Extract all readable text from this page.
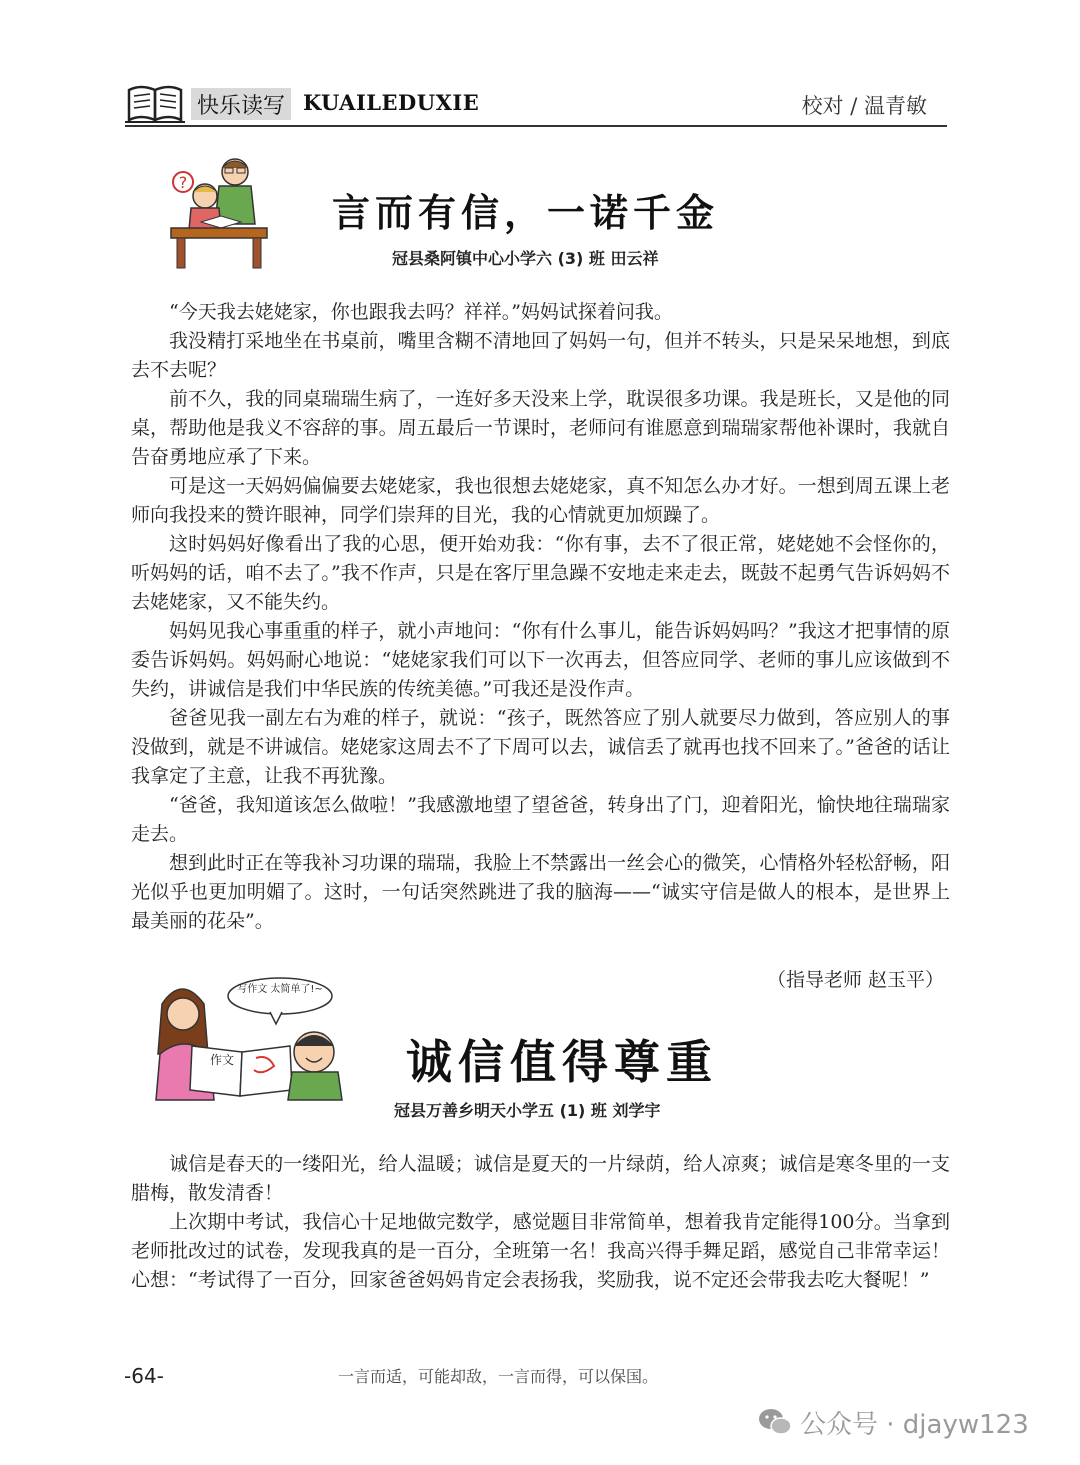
快乐读写 KUAILEDUXIE	校对 / 温青敏
?
言而有信，一诺千金
冠县桑阿镇中心小学六 (3) 班 田云祥

“今天我去姥姥家，你也跟我去吗？祥祥。”妈妈试探着问我。

我没精打采地坐在书桌前，嘴里含糊不清地回了妈妈一句，但并不转头，只是呆呆地想，到底去不去呢？

前不久，我的同桌瑞瑞生病了，一连好多天没来上学，耽误很多功课。我是班长，又是他的同桌，帮助他是我义不容辞的事。周五最后一节课时，老师问有谁愿意到瑞瑞家帮他补课时，我就自告奋勇地应承了下来。

可是这一天妈妈偏偏要去姥姥家，我也很想去姥姥家，真不知怎么办才好。一想到周五课上老师向我投来的赞许眼神，同学们崇拜的目光，我的心情就更加烦躁了。

这时妈妈好像看出了我的心思，便开始劝我：“你有事，去不了很正常，姥姥她不会怪你的，听妈妈的话，咱不去了。”我不作声，只是在客厅里急躁不安地走来走去，既鼓不起勇气告诉妈妈不去姥姥家，又不能失约。

妈妈见我心事重重的样子，就小声地问：“你有什么事儿，能告诉妈妈吗？”我这才把事情的原委告诉妈妈。妈妈耐心地说：“姥姥家我们可以下一次再去，但答应同学、老师的事儿应该做到不失约，讲诚信是我们中华民族的传统美德。”可我还是没作声。

爸爸见我一副左右为难的样子，就说：“孩子，既然答应了别人就要尽力做到，答应别人的事没做到，就是不讲诚信。姥姥家这周去不了下周可以去，诚信丢了就再也找不回来了。”爸爸的话让我拿定了主意，让我不再犹豫。

“爸爸，我知道该怎么做啦！”我感激地望了望爸爸，转身出了门，迎着阳光，愉快地往瑞瑞家走去。

想到此时正在等我补习功课的瑞瑞，我脸上不禁露出一丝会心的微笑，心情格外轻松舒畅，阳光似乎也更加明媚了。这时，一句话突然跳进了我的脑海——“诚实守信是做人的根本，是世界上最美丽的花朵”。

（指导老师 赵玉平）
写作文 太简单了!~
作文	诚信值得尊重
冠县万善乡明天小学五 (1) 班 刘学宇

诚信是春天的一缕阳光，给人温暖；诚信是夏天的一片绿荫，给人凉爽；诚信是寒冬里的一支腊梅，散发清香！

上次期中考试，我信心十足地做完数学，感觉题目非常简单，想着我肯定能得100分。当拿到老师批改过的试卷，发现我真的是一百分，全班第一名！我高兴得手舞足蹈，感觉自己非常幸运！心想：“考试得了一百分，回家爸爸妈妈肯定会表扬我，奖励我，说不定还会带我去吃大餐呢！”

-64-	一言而适，可能却敌，一言而得，可以保国。
公众号 · djayw123
